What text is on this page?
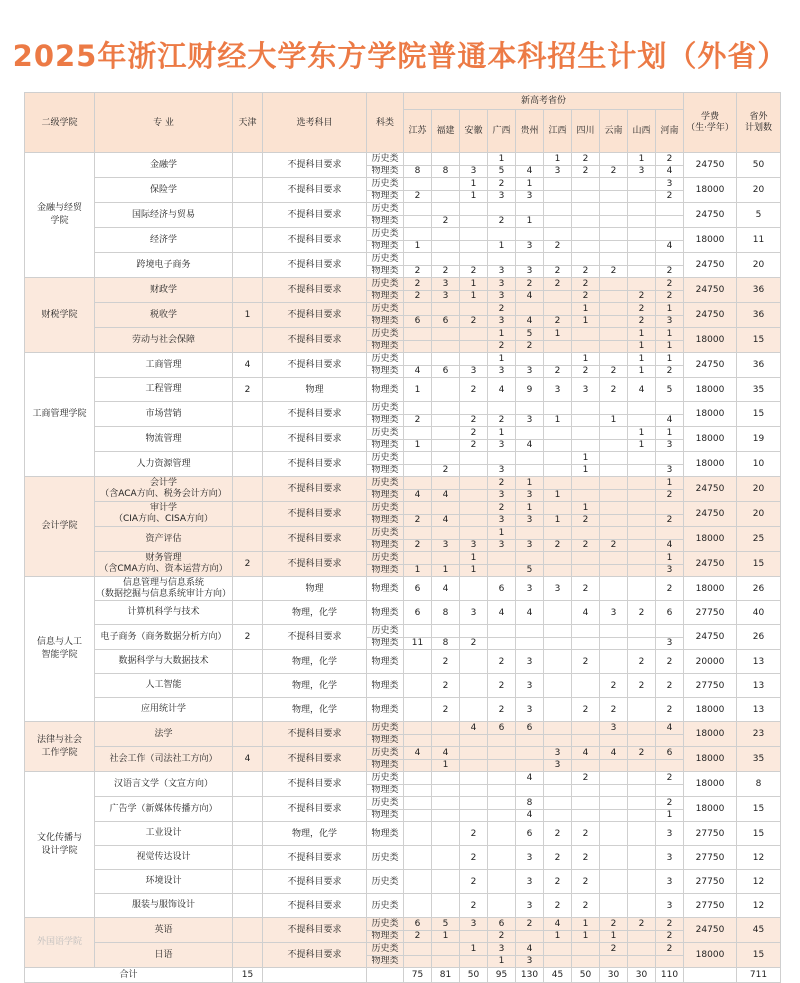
2025年浙江财经大学东方学院普通本科招生计划（外省）
二级学院	专 业	天津	选考科目	科类	新高考省份										学费
（生·学年）	省外
计划数
					江苏	福建	安徽	广西	贵州	江西	四川	云南	山西	河南		
金融与经贸
学院	金融学		不提科目要求	历史类				1		1	2		1	2	24750	50
				物理类	8	8	3	5	4	3	2	2	3	4		
	保险学		不提科目要求	历史类			1	2	1					3	18000	20
				物理类	2		1	3	3					2		
	国际经济与贸易		不提科目要求	历史类											24750	5
				物理类		2		2	1							
	经济学		不提科目要求	历史类											18000	11
				物理类	1			1	3	2				4		
	跨境电子商务		不提科目要求	历史类											24750	20
				物理类	2	2	2	3	3	2	2	2		2		
财税学院	财政学		不提科目要求	历史类	2	3	1	3	2	2	2			2	24750	36
				物理类	2	3	1	3	4		2		2	2		
	税收学	1	不提科目要求	历史类				2			1		2	1	24750	36
				物理类	6	6	2	3	4	2	1		2	3		
	劳动与社会保障		不提科目要求	历史类				1	5	1			1	1	18000	15
				物理类				2	2				1	1		
工商管理学院	工商管理	4	不提科目要求	历史类				1			1		1	1	24750	36
				物理类	4	6	3	3	3	2	2	2	1	2		
	工程管理	2	物理	物理类	1		2	4	9	3	3	2	4	5	18000	35
	市场营销		不提科目要求	历史类											18000	15
				物理类	2		2	2	3	1		1		4		
	物流管理		不提科目要求	历史类			2	1					1	1	18000	19
				物理类	1		2	3	4				1	3		
	人力资源管理		不提科目要求	历史类							1				18000	10
				物理类		2		3			1			3		
会计学院	会计学
（含ACA方向、税务会计方向）		不提科目要求	历史类				2	1					1	24750	20
				物理类	4	4		3	3	1				2		
	审计学
（CIA方向、CISA方向）		不提科目要求	历史类				2	1		1				24750	20
				物理类	2	4		3	3	1	2			2		
	资产评估		不提科目要求	历史类				1							18000	25
				物理类	2	3	3	3	3	2	2	2		4		
	财务管理
（含CMA方向、资本运营方向）	2	不提科目要求	历史类			1							1	24750	15
				物理类	1	1	1		5					3		
信息与人工
智能学院	信息管理与信息系统
（数据挖掘与信息系统审计方向）		物理	物理类	6	4		6	3	3	2			2	18000	26
	计算机科学与技术		物理，化学	物理类	6	8	3	4	4		4	3	2	6	27750	40
	电子商务（商务数据分析方向）	2	不提科目要求	历史类											24750	26
				物理类	11	8	2							3		
	数据科学与大数据技术		物理，化学	物理类		2		2	3		2		2	2	20000	13
	人工智能		物理，化学	物理类		2		2	3			2	2	2	27750	13
	应用统计学		物理，化学	物理类		2		2	3		2	2		2	18000	13
法律与社会
工作学院	法学		不提科目要求	历史类			4	6	6			3		4	18000	23
				物理类												
	社会工作（司法社工方向）	4	不提科目要求	历史类	4	4				3	4	4	2	6	18000	35
				物理类		1				3						
文化传播与
设计学院	汉语言文学（文宣方向）		不提科目要求	历史类					4		2			2	18000	8
				物理类												
	广告学（新媒体传播方向）		不提科目要求	历史类					8					2	18000	15
				物理类					4					1		
	工业设计		物理，化学	物理类			2		6	2	2			3	27750	15
	视觉传达设计		不提科目要求	历史类			2		3	2	2			3	27750	12
	环境设计		不提科目要求	历史类			2		3	2	2			3	27750	12
	服装与服饰设计		不提科目要求	历史类			2		3	2	2			3	27750	12
外国语学院	英语		不提科目要求	历史类	6	5	3	6	2	4	1	2	2	2	24750	45
				物理类	2	1		2		1	1	1		2		
	日语		不提科目要求	历史类			1	3	4			2		2	18000	15
				物理类				1	3							
合计		15			75	81	50	95	130	45	50	30	30	110		711
